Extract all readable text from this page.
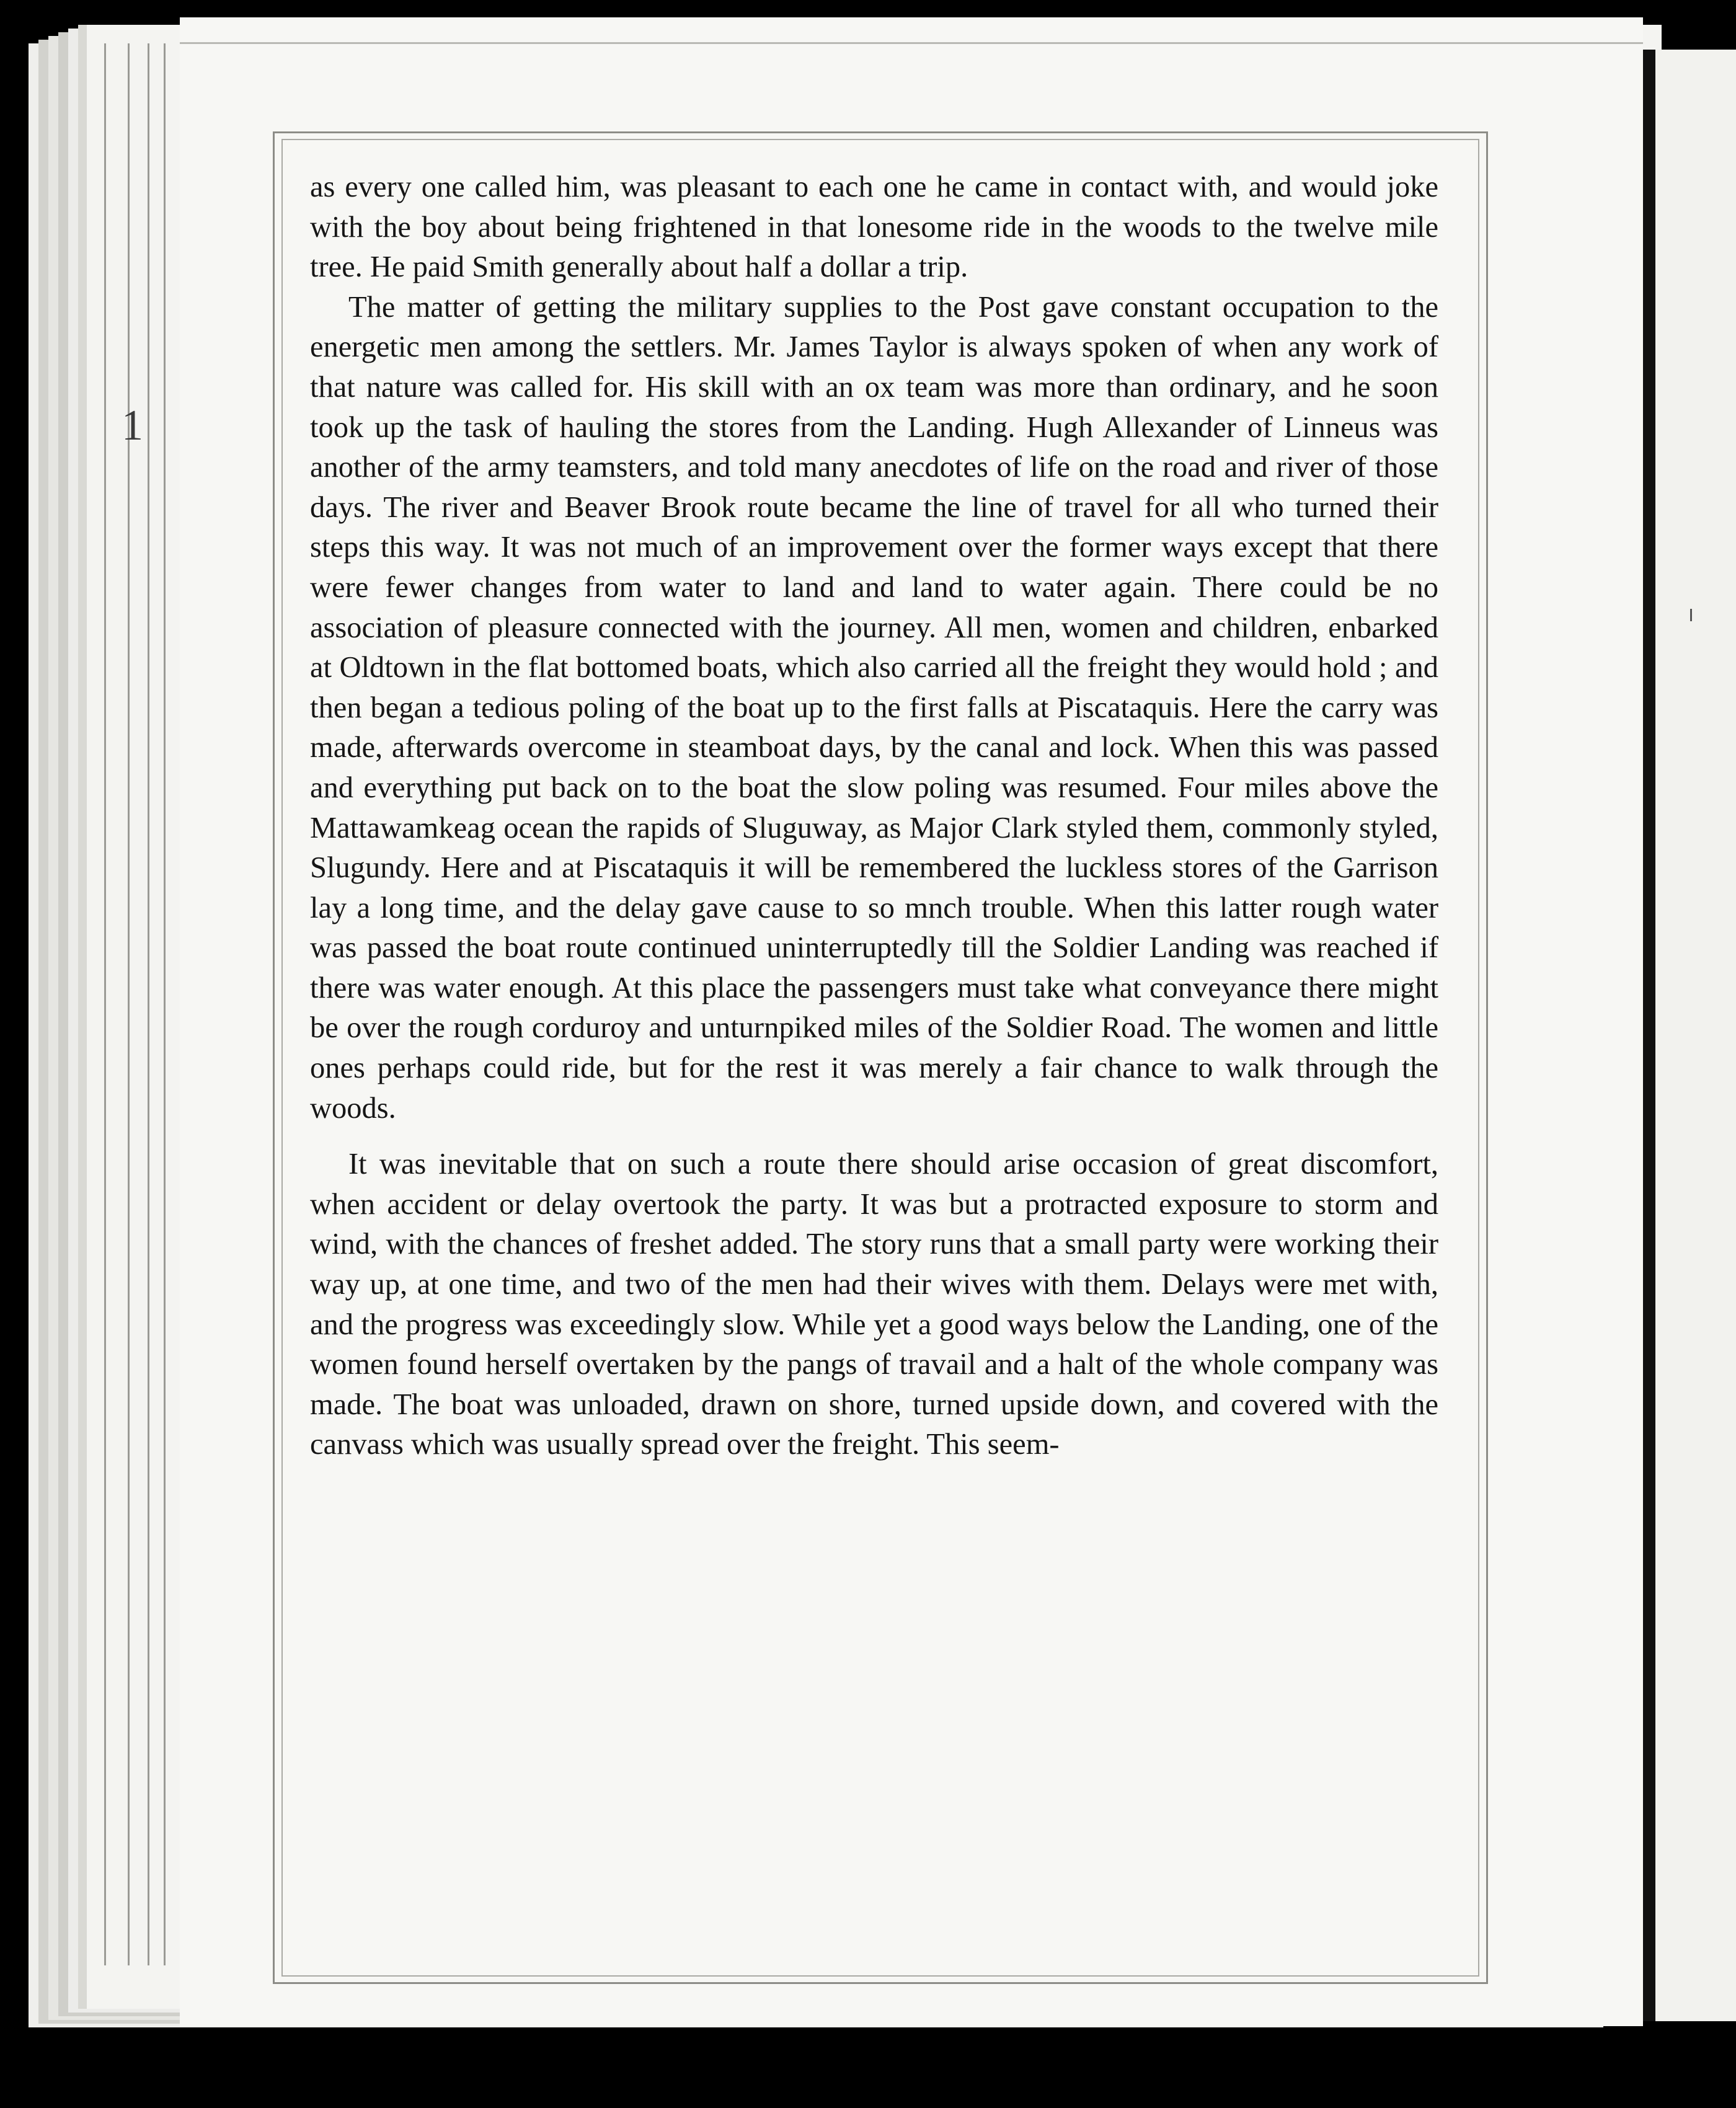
1

as every one called him, was pleasant to each one he came in contact with, and would joke with the boy about being frightened in that lonesome ride in the woods to the twelve mile tree. He paid Smith generally about half a dollar a trip.

The matter of getting the military supplies to the Post gave constant occupation to the energetic men among the settlers. Mr. James Taylor is always spoken of when any work of that nature was called for. His skill with an ox team was more than ordinary, and he soon took up the task of hauling the stores from the Landing. Hugh Allexander of Linneus was another of the army teamsters, and told many anecdotes of life on the road and river of those days. The river and Beaver Brook route became the line of travel for all who turned their steps this way. It was not much of an improvement over the former ways except that there were fewer changes from water to land and land to water again. There could be no association of pleasure connected with the journey. All men, women and children, enbarked at Oldtown in the flat bottomed boats, which also carried all the freight they would hold ; and then began a tedious poling of the boat up to the first falls at Piscataquis. Here the carry was made, afterwards overcome in steamboat days, by the canal and lock. When this was passed and everything put back on to the boat the slow poling was resumed. Four miles above the Mattawamkeag ocean the rapids of Sluguway, as Major Clark styled them, commonly styled, Slugundy. Here and at Piscataquis it will be remembered the luckless stores of the Garrison lay a long time, and the delay gave cause to so mnch trouble. When this latter rough water was passed the boat route continued uninterruptedly till the Soldier Landing was reached if there was water enough. At this place the passengers must take what conveyance there might be over the rough corduroy and unturnpiked miles of the Soldier Road. The women and little ones perhaps could ride, but for the rest it was merely a fair chance to walk through the woods.

It was inevitable that on such a route there should arise occasion of great discomfort, when accident or delay overtook the party. It was but a protracted exposure to storm and wind, with the chances of freshet added. The story runs that a small party were working their way up, at one time, and two of the men had their wives with them. Delays were met with, and the progress was exceedingly slow. While yet a good ways below the Landing, one of the women found herself overtaken by the pangs of travail and a halt of the whole company was made. The boat was unloaded, drawn on shore, turned upside down, and covered with the canvass which was usually spread over the freight. This seem-
